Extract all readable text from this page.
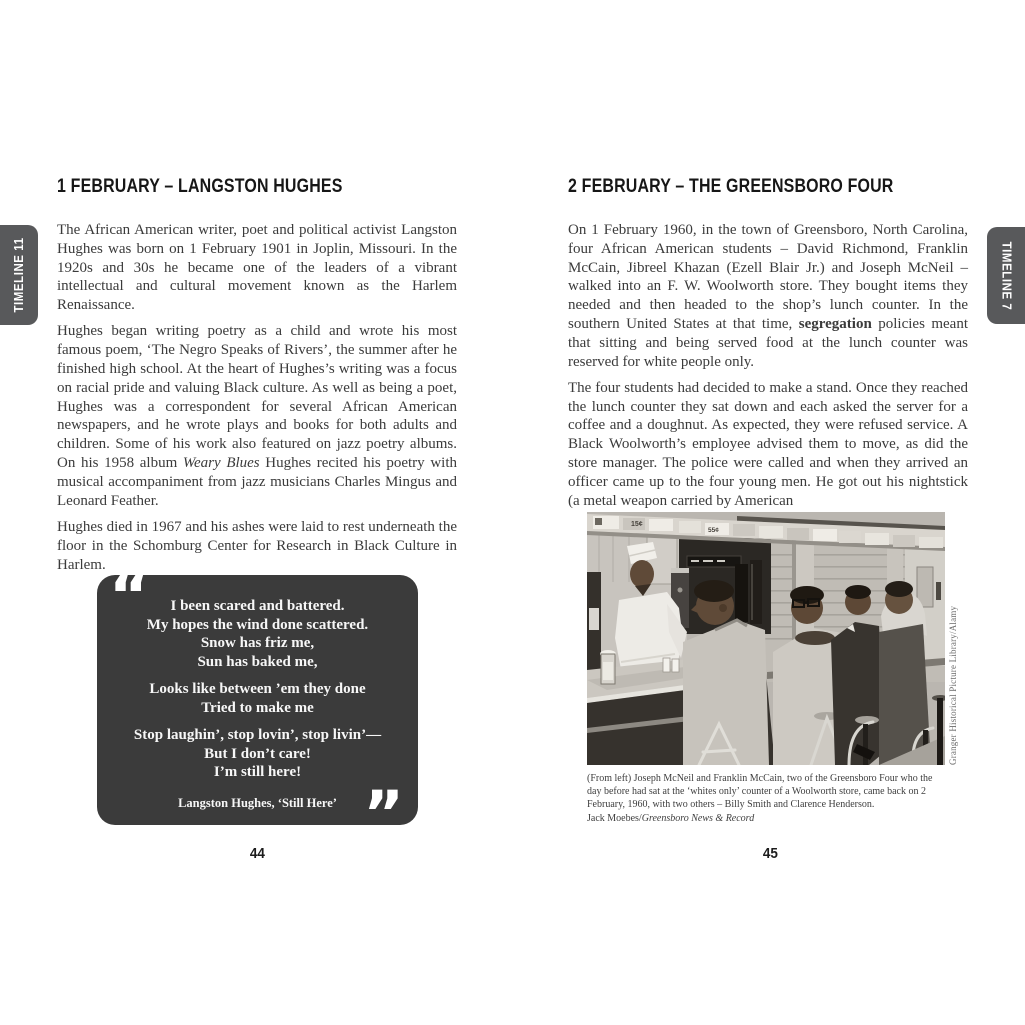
TIMELINE 11	TIMELINE 7
1 FEBRUARY – LANGSTON HUGHES

The African American writer, poet and political activist Langston Hughes was born on 1 February 1901 in Joplin, Missouri. In the 1920s and 30s he became one of the leaders of a vibrant intellectual and cultural movement known as the Harlem Renaissance.

Hughes began writing poetry as a child and wrote his most famous poem, ‘The Negro Speaks of Rivers’, the summer after he finished high school. At the heart of Hughes’s writing was a focus on racial pride and valuing Black culture. As well as being a poet, Hughes was a correspondent for several African American newspapers, and he wrote plays and books for both adults and children. Some of his work also featured on jazz poetry albums. On his 1958 album Weary Blues Hughes recited his poetry with musical accompaniment from jazz musicians Charles Mingus and Leonard Feather.

Hughes died in 1967 and his ashes were laid to rest underneath the floor in the Schomburg Center for Research in Black Culture in Harlem. “	I been scared and battered.
My hopes the wind done scattered.
Snow has friz me,
Sun has baked me,
Looks like between ’em they done
Tried to make me
Stop laughin’, stop lovin’, stop livin’—
But I don’t care!
I’m still here!
Langston Hughes, ‘Still Here’ ”
44
2 FEBRUARY – THE GREENSBORO FOUR

On 1 February 1960, in the town of Greensboro, North Carolina, four African American students – David Richmond, Franklin McCain, Jibreel Khazan (Ezell Blair Jr.) and Joseph McNeil – walked into an F. W. Woolworth store. They bought items they needed and then headed to the shop’s lunch counter. In the southern United States at that time, segregation policies meant that sitting and being served food at the lunch counter was reserved for white people only.

The four students had decided to make a stand. Once they reached the lunch counter they sat down and each asked the server for a coffee and a doughnut. As expected, they were refused service. A Black Woolworth’s employee advised them to move, as did the store manager. The police were called and when they arrived an officer came up to the four young men. He got out his nightstick (a metal weapon carried by American

15¢
55¢
Granger Historical Picture Library/Alamy
(From left) Joseph McNeil and Franklin McCain, two of the Greensboro Four who the day before had sat at the ‘whites only’ counter of a Woolworth store, came back on 2 February, 1960, with two others – Billy Smith and Clarence Henderson.
Jack Moebes/Greensboro News & Record
45
